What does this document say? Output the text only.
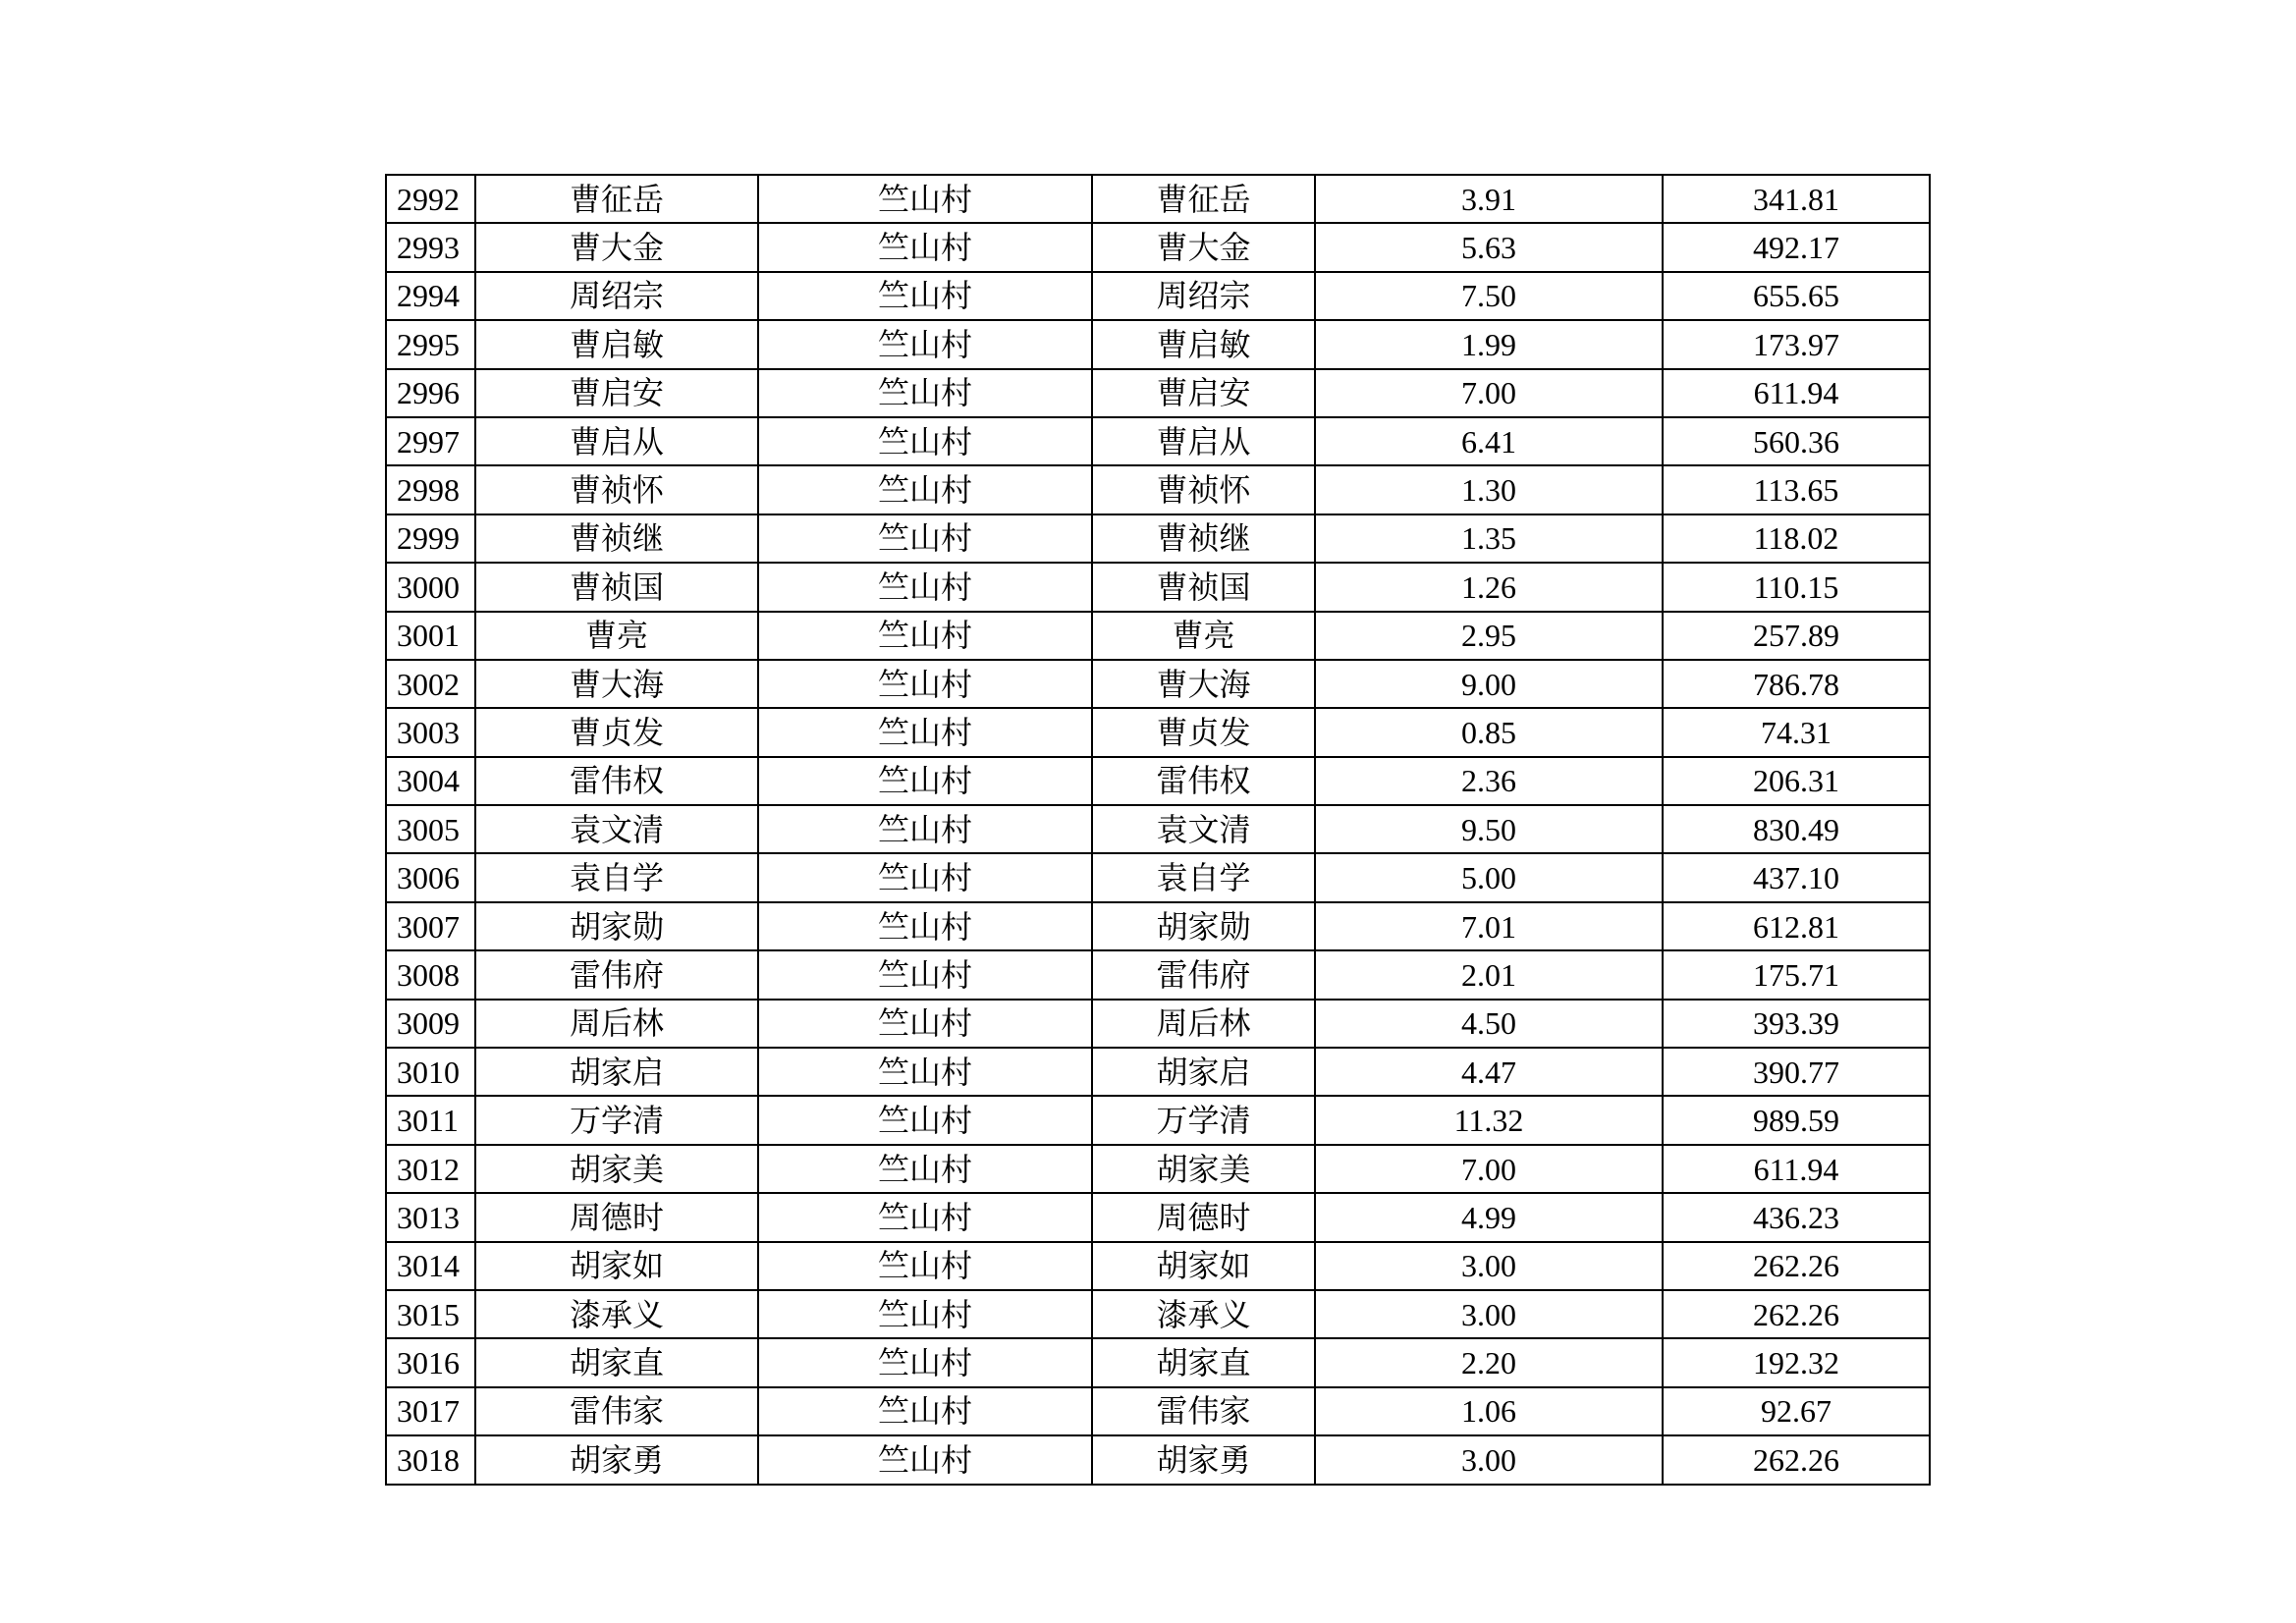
2992	曹征岳	竺山村	曹征岳	3.91	341.81
2993	曹大金	竺山村	曹大金	5.63	492.17
2994	周绍宗	竺山村	周绍宗	7.50	655.65
2995	曹启敏	竺山村	曹启敏	1.99	173.97
2996	曹启安	竺山村	曹启安	7.00	611.94
2997	曹启从	竺山村	曹启从	6.41	560.36
2998	曹祯怀	竺山村	曹祯怀	1.30	113.65
2999	曹祯继	竺山村	曹祯继	1.35	118.02
3000	曹祯国	竺山村	曹祯国	1.26	110.15
3001	曹亮	竺山村	曹亮	2.95	257.89
3002	曹大海	竺山村	曹大海	9.00	786.78
3003	曹贞发	竺山村	曹贞发	0.85	74.31
3004	雷伟权	竺山村	雷伟权	2.36	206.31
3005	袁文清	竺山村	袁文清	9.50	830.49
3006	袁自学	竺山村	袁自学	5.00	437.10
3007	胡家勋	竺山村	胡家勋	7.01	612.81
3008	雷伟府	竺山村	雷伟府	2.01	175.71
3009	周后林	竺山村	周后林	4.50	393.39
3010	胡家启	竺山村	胡家启	4.47	390.77
3011	万学清	竺山村	万学清	11.32	989.59
3012	胡家美	竺山村	胡家美	7.00	611.94
3013	周德时	竺山村	周德时	4.99	436.23
3014	胡家如	竺山村	胡家如	3.00	262.26
3015	漆承义	竺山村	漆承义	3.00	262.26
3016	胡家直	竺山村	胡家直	2.20	192.32
3017	雷伟家	竺山村	雷伟家	1.06	92.67
3018	胡家勇	竺山村	胡家勇	3.00	262.26
